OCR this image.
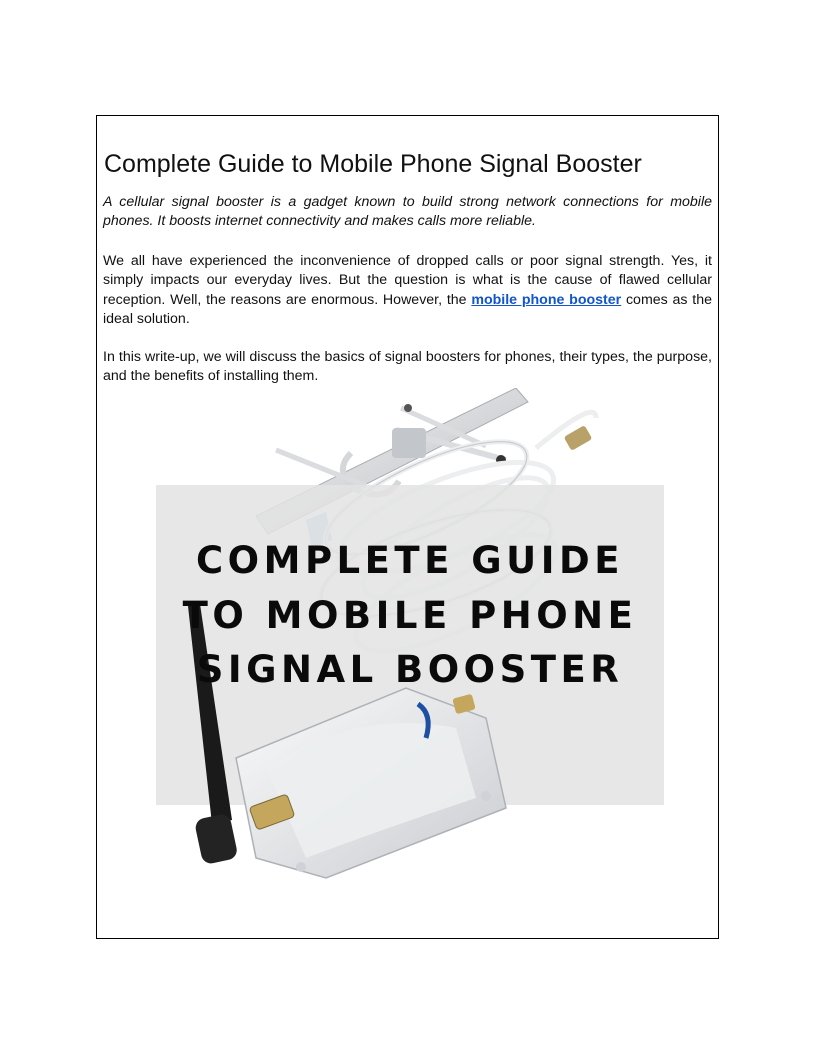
Complete Guide to Mobile Phone Signal Booster

A cellular signal booster is a gadget known to build strong network connections for mobile phones. It boosts internet connectivity and makes calls more reliable.

We all have experienced the inconvenience of dropped calls or poor signal strength. Yes, it simply impacts our everyday lives. But the question is what is the cause of flawed cellular reception. Well, the reasons are enormous. However, the mobile phone booster comes as the ideal solution.

In this write-up, we will discuss the basics of signal boosters for phones, their types, the purpose, and the benefits of installing them.

COMPLETE GUIDE TO MOBILE PHONE SIGNAL BOOSTER
